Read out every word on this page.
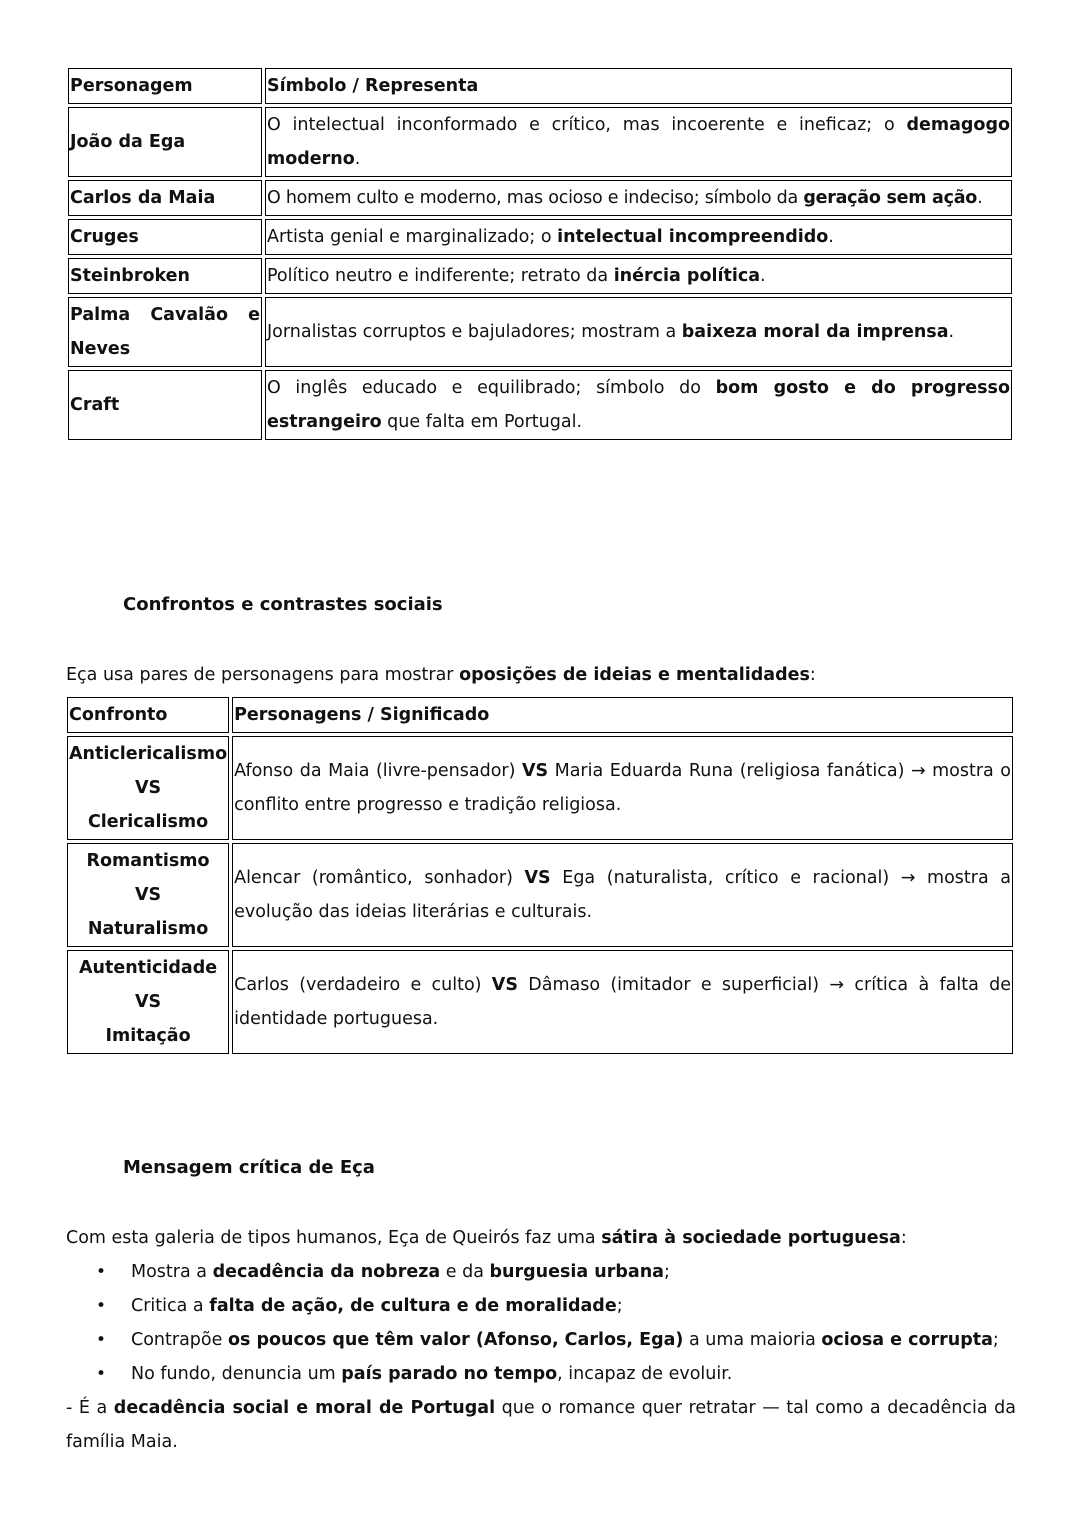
Personagem	Símbolo / Representa
João da Ega	O intelectual inconformado e crítico, mas incoerente e ineficaz; o demagogo moderno.
Carlos da Maia	O homem culto e moderno, mas ocioso e indeciso; símbolo da geração sem ação.
Cruges	Artista genial e marginalizado; o intelectual incompreendido.
Steinbroken	Político neutro e indiferente; retrato da inércia política.
Palma Cavalão e Neves	Jornalistas corruptos e bajuladores; mostram a baixeza moral da imprensa.
Craft	O inglês educado e equilibrado; símbolo do bom gosto e do progresso estrangeiro que falta em Portugal.
Confrontos e contrastes sociais
Eça usa pares de personagens para mostrar oposições de ideias e mentalidades:
Confronto	Personagens / Significado

Anticlericalismo
VS
Clericalismo	Afonso da Maia (livre-pensador) VS Maria Eduarda Runa (religiosa fanática) → mostra o conflito entre progresso e tradição religiosa.

Romantismo
VS
Naturalismo	Alencar (romântico, sonhador) VS Ega (naturalista, crítico e racional) → mostra a evolução das ideias literárias e culturais.

Autenticidade
VS
Imitação	Carlos (verdadeiro e culto) VS Dâmaso (imitador e superficial) → crítica à falta de identidade portuguesa.
Mensagem crítica de Eça
Com esta galeria de tipos humanos, Eça de Queirós faz uma sátira à sociedade portuguesa:
• Mostra a decadência da nobreza e da burguesia urbana;
• Critica a falta de ação, de cultura e de moralidade;
• Contrapõe os poucos que têm valor (Afonso, Carlos, Ega) a uma maioria ociosa e corrupta;
• No fundo, denuncia um país parado no tempo, incapaz de evoluir.
- É a decadência social e moral de Portugal que o romance quer retratar — tal como a decadência da família Maia.
